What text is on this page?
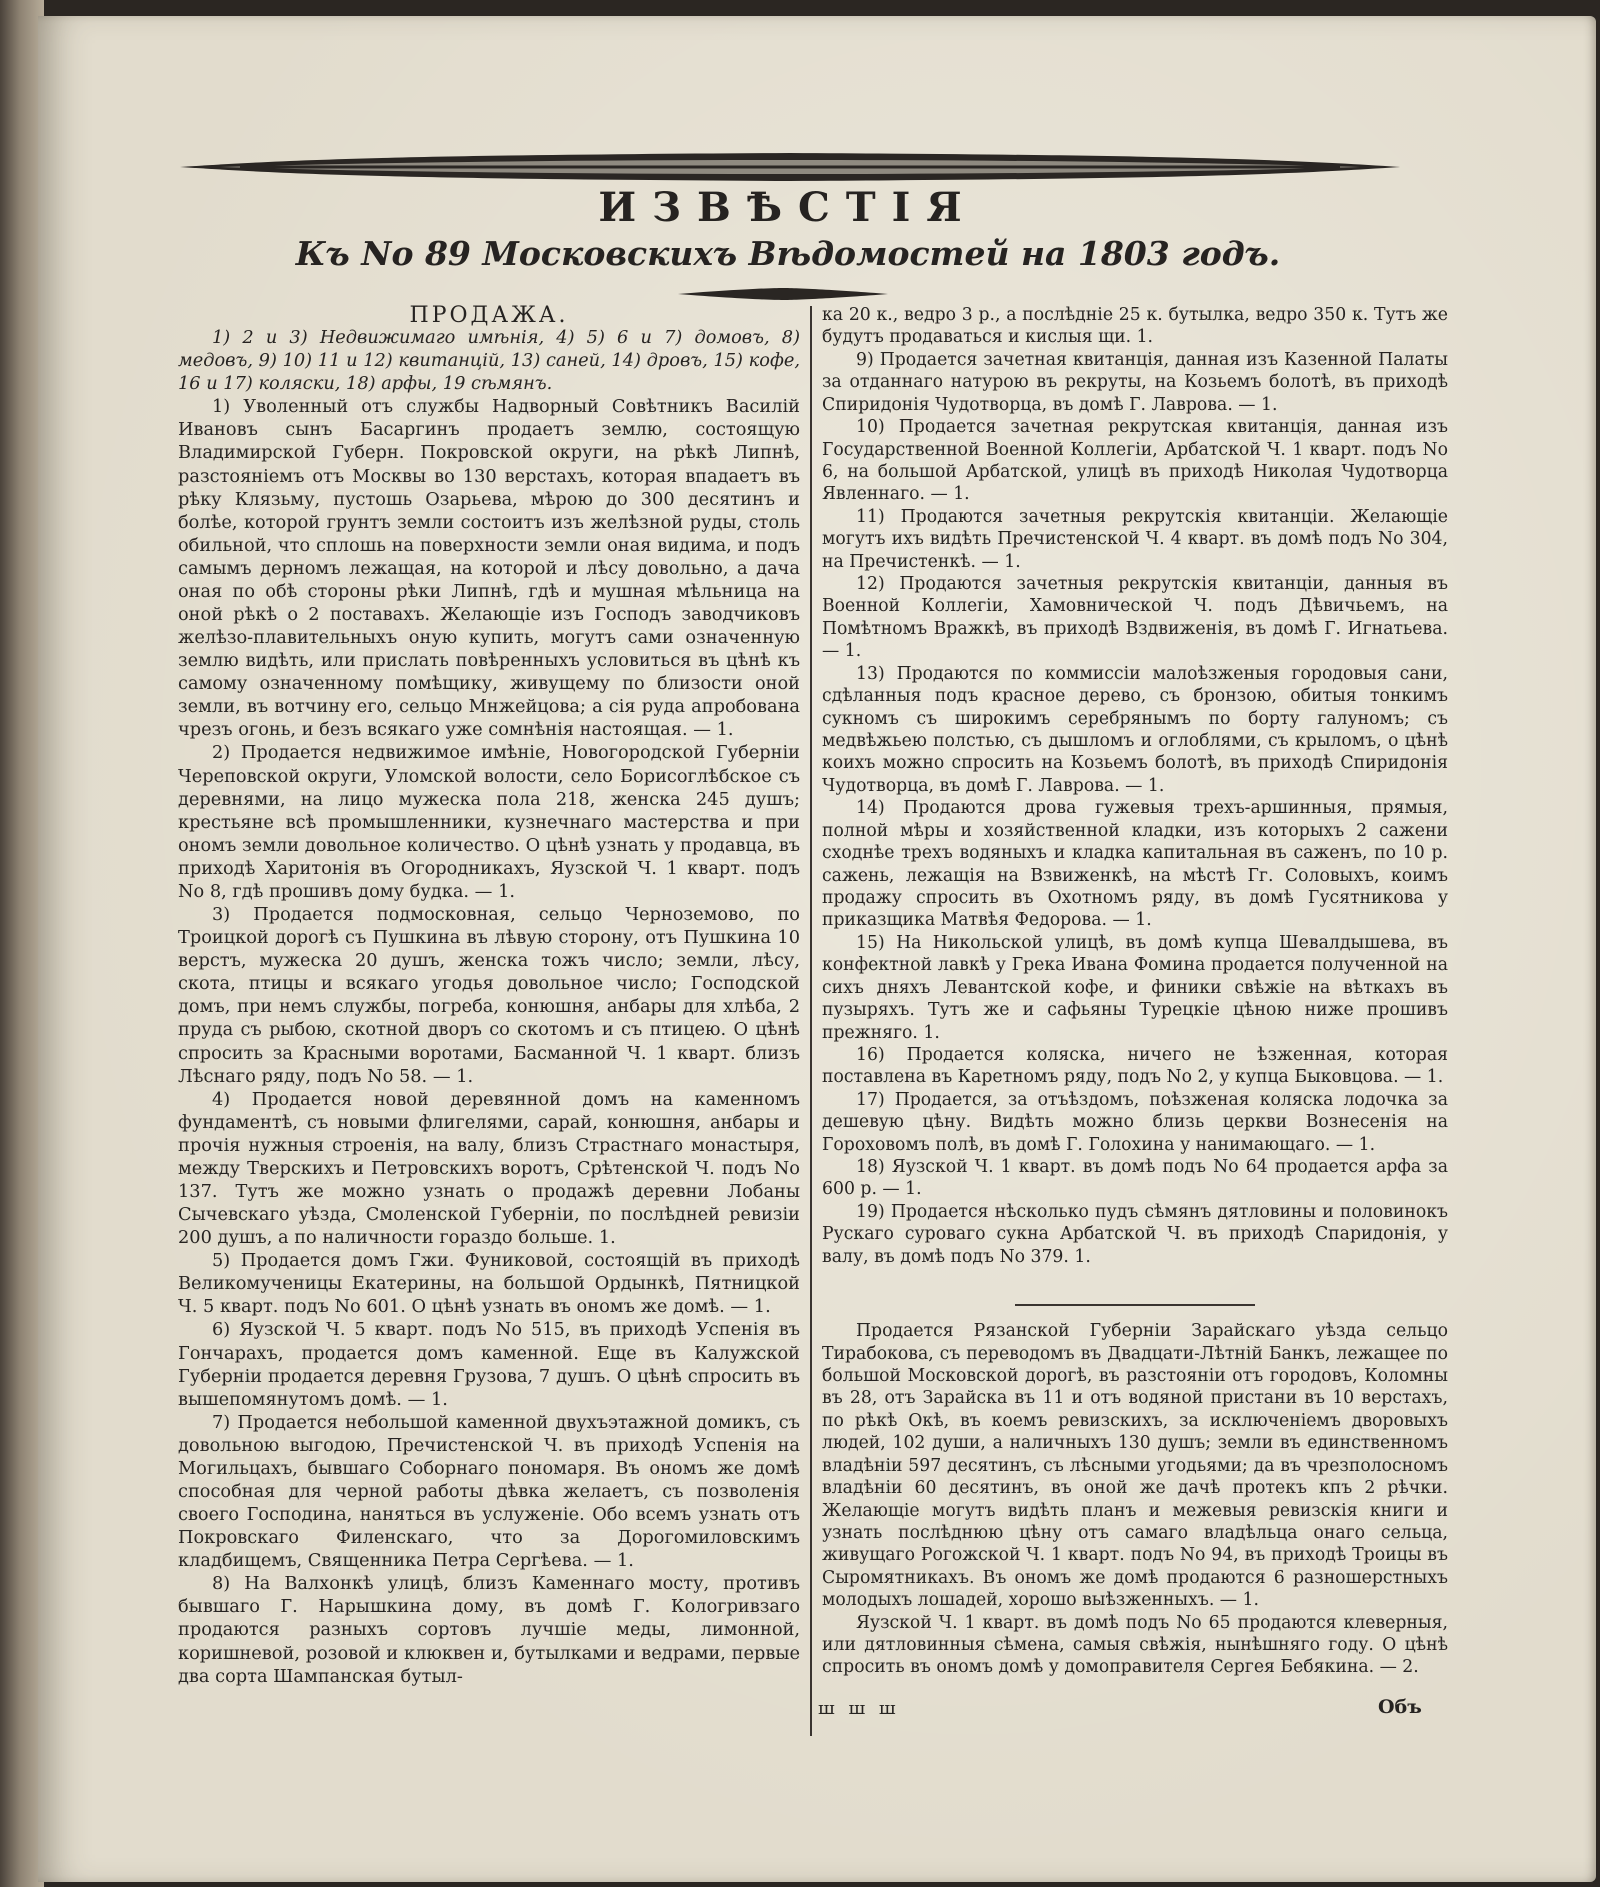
ИЗВѢСТІЯ
Къ No 89 Московскихъ Вѣдомостей на 1803 годъ.

ПРОДАЖА.

1) 2 и 3) Недвижимаго имѣнія, 4) 5) 6 и 7) домовъ, 8) медовъ, 9) 10) 11 и 12) квитанцій, 13) саней, 14) дровъ, 15) кофе, 16 и 17) коляски, 18) арфы, 19 сѣмянъ.

1) Уволенный отъ службы Надворный Совѣтникъ Василій Ивановъ сынъ Басаргинъ продаетъ землю, состоящую Владимирской Губерн. Покровской округи, на рѣкѣ Липнѣ, разстояніемъ отъ Москвы во 130 верстахъ, которая впадаетъ въ рѣку Клязьму, пустошь Озарьева, мѣрою до 300 десятинъ и болѣе, которой грунтъ земли состоитъ изъ желѣзной руды, столь обильной, что сплошь на поверхности земли оная видима, и подъ самымъ дерномъ лежащая, на которой и лѣсу довольно, а дача оная по обѣ стороны рѣки Липнѣ, гдѣ и мушная мѣльница на оной рѣкѣ о 2 поставахъ. Желающіе изъ Господъ заводчиковъ желѣзо-плавительныхъ оную купить, могутъ сами означенную землю видѣть, или прислать повѣренныхъ условиться въ цѣнѣ къ самому означенному помѣщику, живущему по близости оной земли, въ вотчину его, сельцо Мнжейцова; а сія руда апробована чрезъ огонь, и безъ всякаго уже сомнѣнія настоящая. — 1.

2) Продается недвижимое имѣніе, Новогородской Губерніи Череповской округи, Уломской волости, село Борисоглѣбское съ деревнями, на лицо мужеска пола 218, женска 245 душъ; крестьяне всѣ промышленники, кузнечнаго мастерства и при ономъ земли довольное количество. О цѣнѣ узнать у продавца, въ приходѣ Харитонія въ Огородникахъ, Яузской Ч. 1 кварт. подъ No 8, гдѣ прошивъ дому будка. — 1.

3) Продается подмосковная, сельцо Черноземово, по Троицкой дорогѣ съ Пушкина въ лѣвую сторону, отъ Пушкина 10 верстъ, мужеска 20 душъ, женска тожъ число; земли, лѣсу, скота, птицы и всякаго угодья довольное число; Господской домъ, при немъ службы, погреба, конюшня, анбары для хлѣба, 2 пруда съ рыбою, скотной дворъ со скотомъ и съ птицею. О цѣнѣ спросить за Красными воротами, Басманной Ч. 1 кварт. близъ Лѣснаго ряду, подъ No 58. — 1.

4) Продается новой деревянной домъ на каменномъ фундаментѣ, съ новыми флигелями, сарай, конюшня, анбары и прочія нужныя строенія, на валу, близъ Страстнаго монастыря, между Тверскихъ и Петровскихъ воротъ, Срѣтенской Ч. подъ No 137. Тутъ же можно узнать о продажѣ деревни Лобаны Сычевскаго уѣзда, Смоленской Губерніи, по послѣдней ревизіи 200 душъ, а по наличности гораздо больше. 1.

5) Продается домъ Гжи. Фуниковой, состоящій въ приходѣ Великомученицы Екатерины, на большой Ордынкѣ, Пятницкой Ч. 5 кварт. подъ No 601. О цѣнѣ узнать въ ономъ же домѣ. — 1.

6) Яузской Ч. 5 кварт. подъ No 515, въ приходѣ Успенія въ Гончарахъ, продается домъ каменной. Еще въ Калужской Губерніи продается деревня Грузова, 7 душъ. О цѣнѣ спросить въ вышепомянутомъ домѣ. — 1.

7) Продается небольшой каменной двухъэтажной домикъ, съ довольною выгодою, Пречистенской Ч. въ приходѣ Успенія на Могильцахъ, бывшаго Соборнаго пономаря. Въ ономъ же домѣ способная для черной работы дѣвка желаетъ, съ позволенія своего Господина, наняться въ услуженіе. Обо всемъ узнать отъ Покровскаго Филенскаго, что за Дорогомиловскимъ кладбищемъ, Священника Петра Сергѣева. — 1.

8) На Валхонкѣ улицѣ, близъ Каменнаго мосту, противъ бывшаго Г. Нарышкина дому, въ домѣ Г. Кологривзаго продаются разныхъ сортовъ лучшіе меды, лимонной, коришневой, розовой и клюквен и, бутылками и ведрами, первые два сорта Шампанская бутыл-

ка 20 к., ведро 3 р., а послѣдніе 25 к. бутылка, ведро 350 к. Тутъ же будутъ продаваться и кислыя щи. 1.

9) Продается зачетная квитанція, данная изъ Казенной Палаты за отданнаго натурою въ рекруты, на Козьемъ болотѣ, въ приходѣ Спиридонія Чудотворца, въ домѣ Г. Лаврова. — 1.

10) Продается зачетная рекрутская квитанція, данная изъ Государственной Военной Коллегіи, Арбатской Ч. 1 кварт. подъ No 6, на большой Арбатской, улицѣ въ приходѣ Николая Чудотворца Явленнаго. — 1.

11) Продаются зачетныя рекрутскія квитанціи. Желающіе могутъ ихъ видѣть Пречистенской Ч. 4 кварт. въ домѣ подъ No 304, на Пречистенкѣ. — 1.

12) Продаются зачетныя рекрутскія квитанціи, данныя въ Военной Коллегіи, Хамовнической Ч. подъ Дѣвичьемъ, на Помѣтномъ Вражкѣ, въ приходѣ Вздвиженія, въ домѣ Г. Игнатьева. — 1.

13) Продаются по коммиссіи малоѣзженыя городовыя сани, сдѣланныя подъ красное дерево, съ бронзою, обитыя тонкимъ сукномъ съ широкимъ серебрянымъ по борту галуномъ; съ медвѣжьею полстью, съ дышломъ и оглоблями, съ крыломъ, о цѣнѣ коихъ можно спросить на Козьемъ болотѣ, въ приходѣ Спиридонія Чудотворца, въ домѣ Г. Лаврова. — 1.

14) Продаются дрова гужевыя трехъ-аршинныя, прямыя, полной мѣры и хозяйственной кладки, изъ которыхъ 2 сажени сходнѣе трехъ водяныхъ и кладка капитальная въ саженъ, по 10 р. сажень, лежащія на Взвиженкѣ, на мѣстѣ Гг. Соловыхъ, коимъ продажу спросить въ Охотномъ ряду, въ домѣ Гусятникова у приказщика Матвѣя Федорова. — 1.

15) На Никольской улицѣ, въ домѣ купца Шевалдышева, въ конфектной лавкѣ у Грека Ивана Фомина продается полученной на сихъ дняхъ Левантской кофе, и финики свѣжіе на вѣткахъ въ пузыряхъ. Тутъ же и сафьяны Турецкіе цѣною ниже прошивъ прежняго. 1.

16) Продается коляска, ничего не ѣзженная, которая поставлена въ Каретномъ ряду, подъ No 2, у купца Быковцова. — 1.

17) Продается, за отъѣздомъ, поѣзженая коляска лодочка за дешевую цѣну. Видѣть можно близь церкви Вознесенія на Гороховомъ полѣ, въ домѣ Г. Голохина у нанимающаго. — 1.

18) Яузской Ч. 1 кварт. въ домѣ подъ No 64 продается арфа за 600 р. — 1.

19) Продается нѣсколько пудъ сѣмянъ дятловины и половинокъ Рускаго суроваго сукна Арбатской Ч. въ приходѣ Спаридонія, у валу, въ домѣ подъ No 379. 1.

Продается Рязанской Губерніи Зарайскаго уѣзда сельцо Тирабокова, съ переводомъ въ Двадцати-Лѣтній Банкъ, лежащее по большой Московской дорогѣ, въ разстояніи отъ городовъ, Коломны въ 28, отъ Зарайска въ 11 и отъ водяной пристани въ 10 верстахъ, по рѣкѣ Окѣ, въ коемъ ревизскихъ, за исключеніемъ дворовыхъ людей, 102 души, а наличныхъ 130 душъ; земли въ единственномъ владѣніи 597 десятинъ, съ лѣсными угодьями; да въ чрезполосномъ владѣніи 60 десятинъ, въ оной же дачѣ протекъ кпъ 2 рѣчки. Желающіе могутъ видѣть планъ и межевыя ревизскія книги и узнать послѣднюю цѣну отъ самаго владѣльца онаго сельца, живущаго Рогожской Ч. 1 кварт. подъ No 94, въ приходѣ Троицы въ Сыромятникахъ. Въ ономъ же домѣ продаются 6 разношерстныхъ молодыхъ лошадей, хорошо выѣзженныхъ. — 1.

Яузской Ч. 1 кварт. въ домѣ подъ No 65 продаются клеверныя, или дятловинныя сѣмена, самыя свѣжія, нынѣшняго году. О цѣнѣ спросить въ ономъ домѣ у домоправителя Сергея Бебякина. — 2.

ш ш ш	Объ
